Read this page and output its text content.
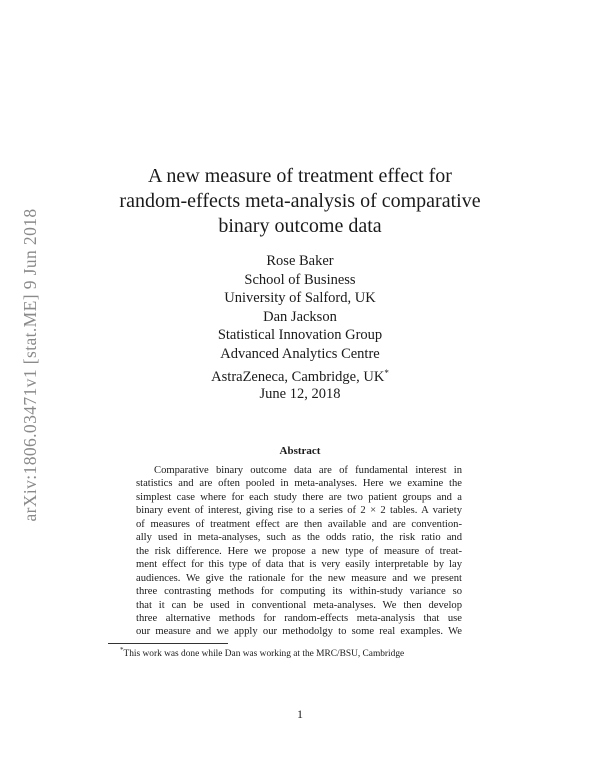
arXiv:1806.03471v1 [stat.ME] 9 Jun 2018
A new measure of treatment effect for
random-effects meta-analysis of comparative
binary outcome data
Rose Baker
School of Business
University of Salford, UK
Dan Jackson
Statistical Innovation Group
Advanced Analytics Centre
AstraZeneca, Cambridge, UK*
June 12, 2018
Abstract
Comparative binary outcome data are of fundamental interest in
statistics and are often pooled in meta-analyses. Here we examine the
simplest case where for each study there are two patient groups and a
binary event of interest, giving rise to a series of 2 × 2 tables. A variety
of measures of treatment effect are then available and are convention-
ally used in meta-analyses, such as the odds ratio, the risk ratio and
the risk difference. Here we propose a new type of measure of treat-
ment effect for this type of data that is very easily interpretable by lay
audiences. We give the rationale for the new measure and we present
three contrasting methods for computing its within-study variance so
that it can be used in conventional meta-analyses. We then develop
three alternative methods for random-effects meta-analysis that use
our measure and we apply our methodolgy to some real examples. We
*This work was done while Dan was working at the MRC/BSU, Cambridge
1
